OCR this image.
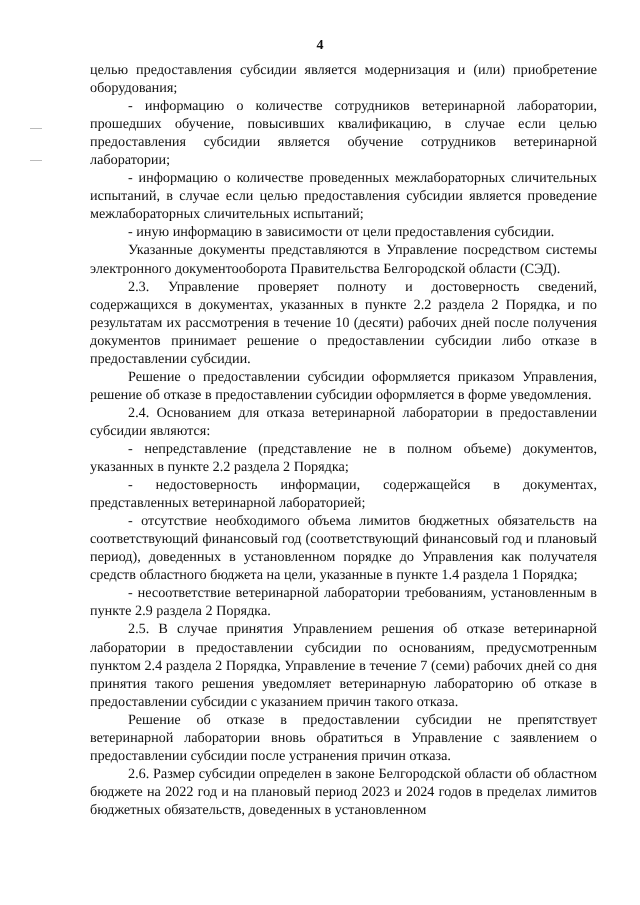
4

целью предоставления субсидии является модернизация и (или) приобретение оборудования;

- информацию о количестве сотрудников ветеринарной лаборатории, прошедших обучение, повысивших квалификацию, в случае если целью предоставления субсидии является обучение сотрудников ветеринарной лаборатории;

- информацию о количестве проведенных межлабораторных сличительных испытаний, в случае если целью предоставления субсидии является проведение межлабораторных сличительных испытаний;

- иную информацию в зависимости от цели предоставления субсидии.

Указанные документы представляются в Управление посредством системы электронного документооборота Правительства Белгородской области (СЭД).

2.3. Управление проверяет полноту и достоверность сведений, содержащихся в документах, указанных в пункте 2.2 раздела 2 Порядка, и по результатам их рассмотрения в течение 10 (десяти) рабочих дней после получения документов принимает решение о предоставлении субсидии либо отказе в предоставлении субсидии.

Решение о предоставлении субсидии оформляется приказом Управления, решение об отказе в предоставлении субсидии оформляется в форме уведомления.

2.4. Основанием для отказа ветеринарной лаборатории в предоставлении субсидии являются:

- непредставление (представление не в полном объеме) документов, указанных в пункте 2.2 раздела 2 Порядка;

- недостоверность информации, содержащейся в документах, представленных ветеринарной лабораторией;

- отсутствие необходимого объема лимитов бюджетных обязательств на соответствующий финансовый год (соответствующий финансовый год и плановый период), доведенных в установленном порядке до Управления как получателя средств областного бюджета на цели, указанные в пункте 1.4 раздела 1 Порядка;

- несоответствие ветеринарной лаборатории требованиям, установленным в пункте 2.9 раздела 2 Порядка.

2.5. В случае принятия Управлением решения об отказе ветеринарной лаборатории в предоставлении субсидии по основаниям, предусмотренным пунктом 2.4 раздела 2 Порядка, Управление в течение 7 (семи) рабочих дней со дня принятия такого решения уведомляет ветеринарную лабораторию об отказе в предоставлении субсидии с указанием причин такого отказа.

Решение об отказе в предоставлении субсидии не препятствует ветеринарной лаборатории вновь обратиться в Управление с заявлением о предоставлении субсидии после устранения причин отказа.

2.6. Размер субсидии определен в законе Белгородской области об областном бюджете на 2022 год и на плановый период 2023 и 2024 годов в пределах лимитов бюджетных обязательств, доведенных в установленном
